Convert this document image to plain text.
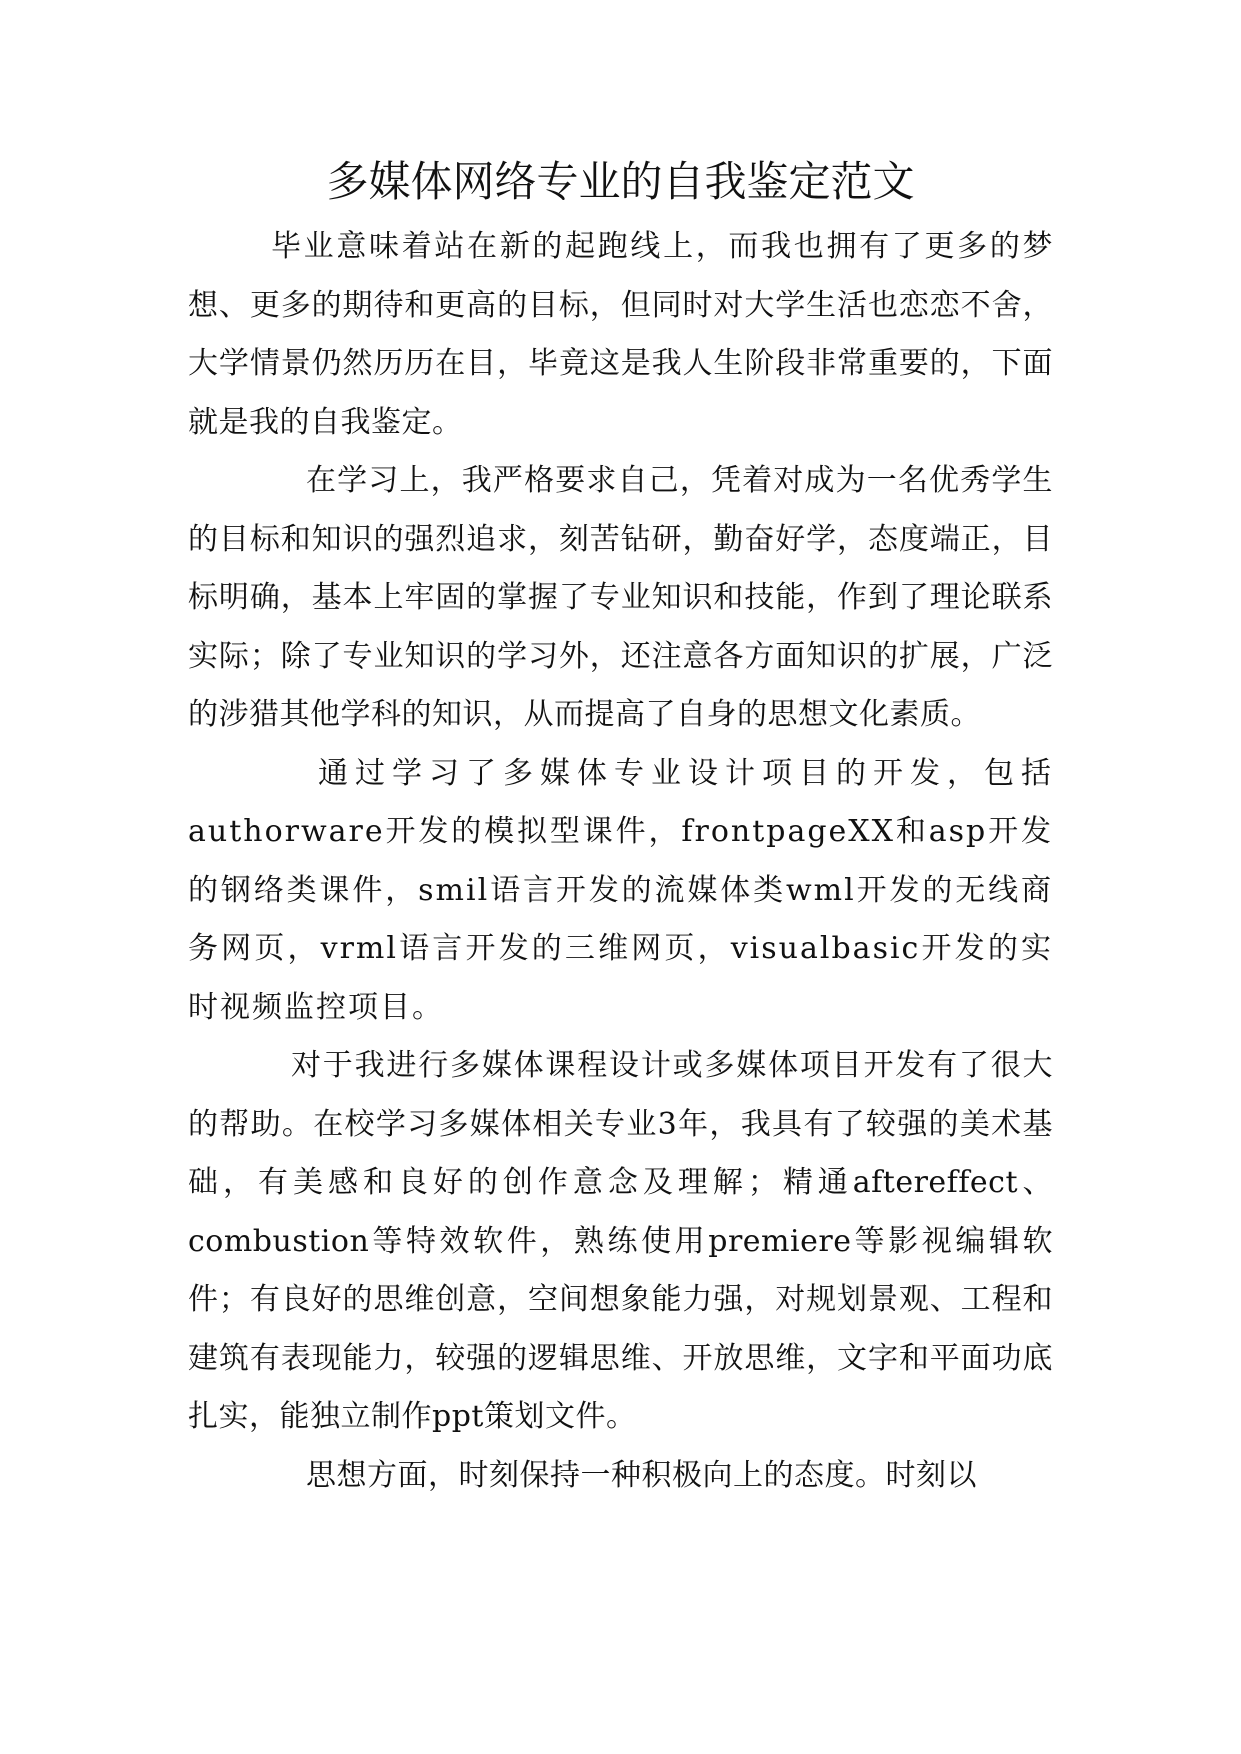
多媒体网络专业的自我鉴定范文

毕业意味着站在新的起跑线上，而我也拥有了更多的梦想、更多的期待和更高的目标，但同时对大学生活也恋恋不舍，大学情景仍然历历在目，毕竟这是我人生阶段非常重要的，下面就是我的自我鉴定。

在学习上，我严格要求自己，凭着对成为一名优秀学生的目标和知识的强烈追求，刻苦钻研，勤奋好学，态度端正，目标明确，基本上牢固的掌握了专业知识和技能，作到了理论联系实际；除了专业知识的学习外，还注意各方面知识的扩展，广泛的涉猎其他学科的知识，从而提高了自身的思想文化素质。

通过学习了多媒体专业设计项目的开发，包括authorware开发的模拟型课件，frontpageXX和asp开发的钢络类课件，smil语言开发的流媒体类wml开发的无线商务网页，vrml语言开发的三维网页，visualbasic开发的实时视频监控项目。

对于我进行多媒体课程设计或多媒体项目开发有了很大的帮助。在校学习多媒体相关专业3年，我具有了较强的美术基础，有美感和良好的创作意念及理解；精通aftereffect、combustion等特效软件，熟练使用premiere等影视编辑软件；有良好的思维创意，空间想象能力强，对规划景观、工程和建筑有表现能力，较强的逻辑思维、开放思维，文字和平面功底扎实，能独立制作ppt策划文件。

思想方面，时刻保持一种积极向上的态度。时刻以
